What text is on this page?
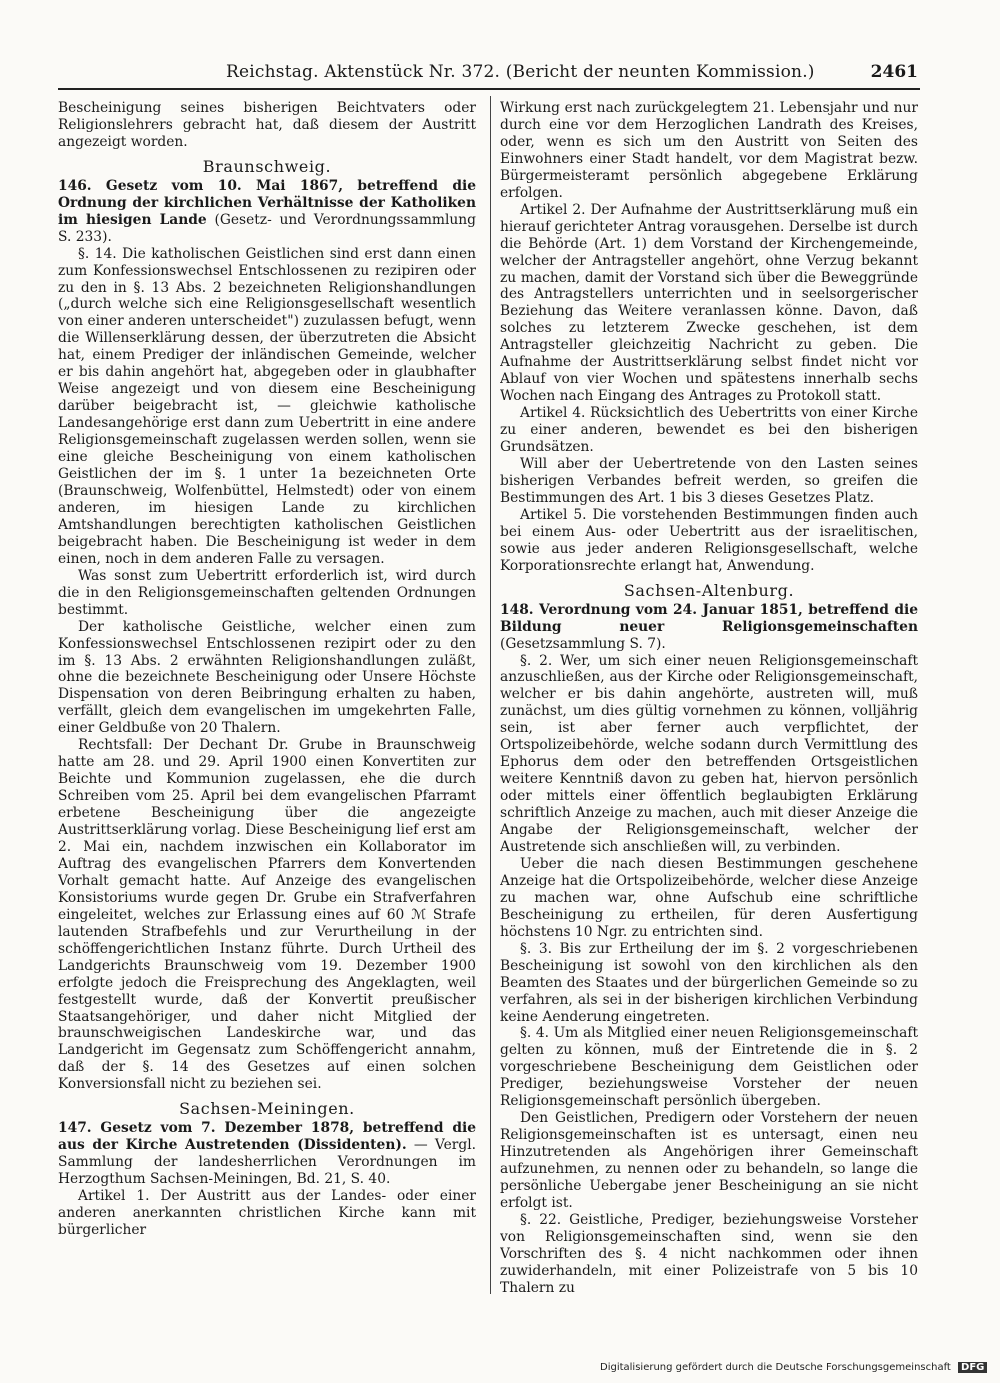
Reichstag. Aktenstück Nr. 372. (Bericht der neunten Kommission.)	2461

Bescheinigung seines bisherigen Beichtvaters oder Religionslehrers gebracht hat, daß diesem der Austritt angezeigt worden.

Braunschweig.

146. Gesetz vom 10. Mai 1867, betreffend die Ordnung der kirchlichen Verhältnisse der Katholiken im hiesigen Lande (Gesetz- und Verordnungssammlung S. 233).

§. 14. Die katholischen Geistlichen sind erst dann einen zum Konfessionswechsel Entschlossenen zu rezipiren oder zu den in §. 13 Abs. 2 bezeichneten Religionshandlungen („durch welche sich eine Religionsgesellschaft wesentlich von einer anderen unterscheidet") zuzulassen befugt, wenn die Willenserklärung dessen, der überzutreten die Absicht hat, einem Prediger der inländischen Gemeinde, welcher er bis dahin angehört hat, abgegeben oder in glaubhafter Weise angezeigt und von diesem eine Bescheinigung darüber beigebracht ist, — gleichwie katholische Landesangehörige erst dann zum Uebertritt in eine andere Religionsgemeinschaft zugelassen werden sollen, wenn sie eine gleiche Bescheinigung von einem katholischen Geistlichen der im §. 1 unter 1a bezeichneten Orte (Braunschweig, Wolfenbüttel, Helmstedt) oder von einem anderen, im hiesigen Lande zu kirchlichen Amtshandlungen berechtigten katholischen Geistlichen beigebracht haben. Die Bescheinigung ist weder in dem einen, noch in dem anderen Falle zu versagen.

Was sonst zum Uebertritt erforderlich ist, wird durch die in den Religionsgemeinschaften geltenden Ordnungen bestimmt.

Der katholische Geistliche, welcher einen zum Konfessionswechsel Entschlossenen rezipirt oder zu den im §. 13 Abs. 2 erwähnten Religionshandlungen zuläßt, ohne die bezeichnete Bescheinigung oder Unsere Höchste Dispensation von deren Beibringung erhalten zu haben, verfällt, gleich dem evangelischen im umgekehrten Falle, einer Geldbuße von 20 Thalern.

Rechtsfall: Der Dechant Dr. Grube in Braunschweig hatte am 28. und 29. April 1900 einen Konvertiten zur Beichte und Kommunion zugelassen, ehe die durch Schreiben vom 25. April bei dem evangelischen Pfarramt erbetene Bescheinigung über die angezeigte Austrittserklärung vorlag. Diese Bescheinigung lief erst am 2. Mai ein, nachdem inzwischen ein Kollaborator im Auftrag des evangelischen Pfarrers dem Konvertenden Vorhalt gemacht hatte. Auf Anzeige des evangelischen Konsistoriums wurde gegen Dr. Grube ein Strafverfahren eingeleitet, welches zur Erlassung eines auf 60 ℳ Strafe lautenden Strafbefehls und zur Verurtheilung in der schöffengerichtlichen Instanz führte. Durch Urtheil des Landgerichts Braunschweig vom 19. Dezember 1900 erfolgte jedoch die Freisprechung des Angeklagten, weil festgestellt wurde, daß der Konvertit preußischer Staatsangehöriger, und daher nicht Mitglied der braunschweigischen Landeskirche war, und das Landgericht im Gegensatz zum Schöffengericht annahm, daß der §. 14 des Gesetzes auf einen solchen Konversionsfall nicht zu beziehen sei.

Sachsen-Meiningen.

147. Gesetz vom 7. Dezember 1878, betreffend die aus der Kirche Austretenden (Dissidenten). — Vergl. Sammlung der landesherrlichen Verordnungen im Herzogthum Sachsen-Meiningen, Bd. 21, S. 40.

Artikel 1. Der Austritt aus der Landes- oder einer anderen anerkannten christlichen Kirche kann mit bürgerlicher

Wirkung erst nach zurückgelegtem 21. Lebensjahr und nur durch eine vor dem Herzoglichen Landrath des Kreises, oder, wenn es sich um den Austritt von Seiten des Einwohners einer Stadt handelt, vor dem Magistrat bezw. Bürgermeisteramt persönlich abgegebene Erklärung erfolgen.

Artikel 2. Der Aufnahme der Austrittserklärung muß ein hierauf gerichteter Antrag vorausgehen. Derselbe ist durch die Behörde (Art. 1) dem Vorstand der Kirchengemeinde, welcher der Antragsteller angehört, ohne Verzug bekannt zu machen, damit der Vorstand sich über die Beweggründe des Antragstellers unterrichten und in seelsorgerischer Beziehung das Weitere veranlassen könne. Davon, daß solches zu letzterem Zwecke geschehen, ist dem Antragsteller gleichzeitig Nachricht zu geben. Die Aufnahme der Austrittserklärung selbst findet nicht vor Ablauf von vier Wochen und spätestens innerhalb sechs Wochen nach Eingang des Antrages zu Protokoll statt.

Artikel 4. Rücksichtlich des Uebertritts von einer Kirche zu einer anderen, bewendet es bei den bisherigen Grundsätzen.

Will aber der Uebertretende von den Lasten seines bisherigen Verbandes befreit werden, so greifen die Bestimmungen des Art. 1 bis 3 dieses Gesetzes Platz.

Artikel 5. Die vorstehenden Bestimmungen finden auch bei einem Aus- oder Uebertritt aus der israelitischen, sowie aus jeder anderen Religionsgesellschaft, welche Korporationsrechte erlangt hat, Anwendung.

Sachsen-Altenburg.

148. Verordnung vom 24. Januar 1851, betreffend die Bildung neuer Religionsgemeinschaften (Gesetzsammlung S. 7).

§. 2. Wer, um sich einer neuen Religionsgemeinschaft anzuschließen, aus der Kirche oder Religionsgemeinschaft, welcher er bis dahin angehörte, austreten will, muß zunächst, um dies gültig vornehmen zu können, volljährig sein, ist aber ferner auch verpflichtet, der Ortspolizeibehörde, welche sodann durch Vermittlung des Ephorus dem oder den betreffenden Ortsgeistlichen weitere Kenntniß davon zu geben hat, hiervon persönlich oder mittels einer öffentlich beglaubigten Erklärung schriftlich Anzeige zu machen, auch mit dieser Anzeige die Angabe der Religionsgemeinschaft, welcher der Austretende sich anschließen will, zu verbinden.

Ueber die nach diesen Bestimmungen geschehene Anzeige hat die Ortspolizeibehörde, welcher diese Anzeige zu machen war, ohne Aufschub eine schriftliche Bescheinigung zu ertheilen, für deren Ausfertigung höchstens 10 Ngr. zu entrichten sind.

§. 3. Bis zur Ertheilung der im §. 2 vorgeschriebenen Bescheinigung ist sowohl von den kirchlichen als den Beamten des Staates und der bürgerlichen Gemeinde so zu verfahren, als sei in der bisherigen kirchlichen Verbindung keine Aenderung eingetreten.

§. 4. Um als Mitglied einer neuen Religionsgemeinschaft gelten zu können, muß der Eintretende die in §. 2 vorgeschriebene Bescheinigung dem Geistlichen oder Prediger, beziehungsweise Vorsteher der neuen Religionsgemeinschaft persönlich übergeben.

Den Geistlichen, Predigern oder Vorstehern der neuen Religionsgemeinschaften ist es untersagt, einen neu Hinzutretenden als Angehörigen ihrer Gemeinschaft aufzunehmen, zu nennen oder zu behandeln, so lange die persönliche Uebergabe jener Bescheinigung an sie nicht erfolgt ist.

§. 22. Geistliche, Prediger, beziehungsweise Vorsteher von Religionsgemeinschaften sind, wenn sie den Vorschriften des §. 4 nicht nachkommen oder ihnen zuwiderhandeln, mit einer Polizeistrafe von 5 bis 10 Thalern zu

Digitalisierung gefördert durch die Deutsche Forschungsgemeinschaft DFG
